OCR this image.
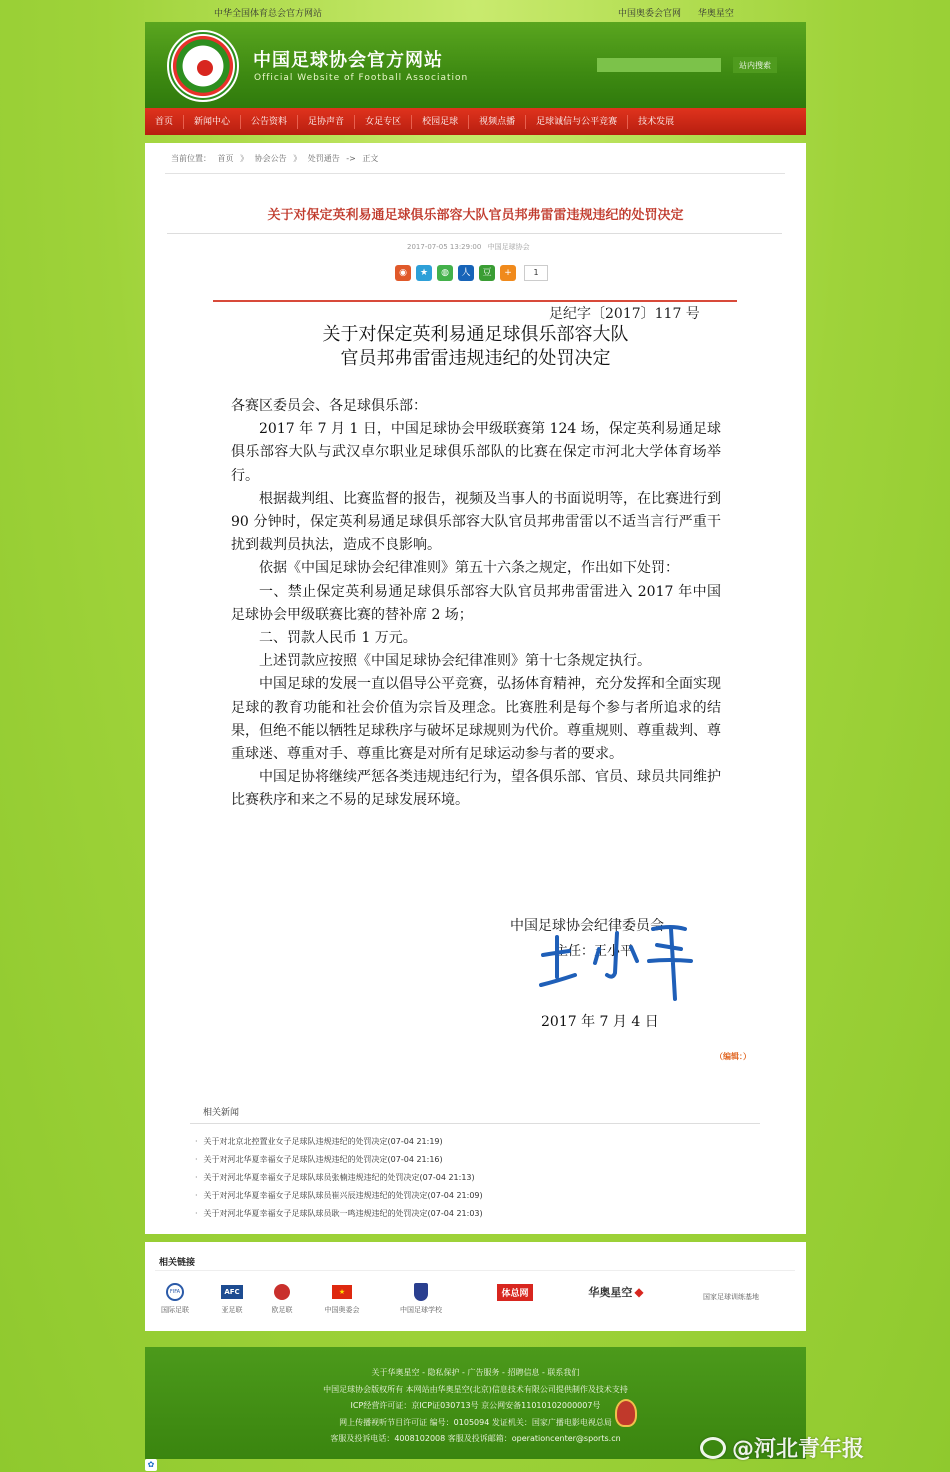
中华全国体育总会官方网站	中国奥委会官网 华奥星空
中国足球协会官方网站
Official Website of Football Association
站内搜索
首页	新闻中心	公告资料	足协声音	女足专区	校园足球	视频点播	足球诚信与公平竞赛	技术发展
当前位置： 首页 》 协会公告 》 处罚通告 -> 正文
关于对保定英利易通足球俱乐部容大队官员邦弗雷雷违规违纪的处罚决定
2017-07-05 13:29:00 中国足球协会
◉	★	◍	人	豆	+	1
足纪字〔2017〕117 号
关于对保定英利易通足球俱乐部容大队
官员邦弗雷雷违规违纪的处罚决定

各赛区委员会、各足球俱乐部：

2017 年 7 月 1 日，中国足球协会甲级联赛第 124 场，保定英利易通足球俱乐部容大队与武汉卓尔职业足球俱乐部队的比赛在保定市河北大学体育场举行。

根据裁判组、比赛监督的报告，视频及当事人的书面说明等，在比赛进行到 90 分钟时，保定英利易通足球俱乐部容大队官员邦弗雷雷以不适当言行严重干扰到裁判员执法，造成不良影响。

依据《中国足球协会纪律准则》第五十六条之规定，作出如下处罚：

一、禁止保定英利易通足球俱乐部容大队官员邦弗雷雷进入 2017 年中国足球协会甲级联赛比赛的替补席 2 场；

二、罚款人民币 1 万元。

上述罚款应按照《中国足球协会纪律准则》第十七条规定执行。

中国足球的发展一直以倡导公平竞赛，弘扬体育精神，充分发挥和全面实现足球的教育功能和社会价值为宗旨及理念。比赛胜利是每个参与者所追求的结果，但绝不能以牺牲足球秩序与破坏足球规则为代价。尊重规则、尊重裁判、尊重球迷、尊重对手、尊重比赛是对所有足球运动参与者的要求。

中国足协将继续严惩各类违规违纪行为，望各俱乐部、官员、球员共同维护比赛秩序和来之不易的足球发展环境。

中国足球协会纪律委员会
主任：王小平
2017 年 7 月 4 日
（编辑：）
相关新闻
· 关于对北京北控置业女子足球队违规违纪的处罚决定(07-04 21:19)
· 关于对河北华夏幸福女子足球队违规违纪的处罚决定(07-04 21:16)
· 关于对河北华夏幸福女子足球队球员张楠违规违纪的处罚决定(07-04 21:13)
· 关于对河北华夏幸福女子足球队球员崔兴辰违规违纪的处罚决定(07-04 21:09)
· 关于对河北华夏幸福女子足球队球员耿一鸣违规违纪的处罚决定(07-04 21:03)
相关链接
FIFA
国际足联
AFC
亚足联	欧足联
★
中国奥委会	中国足球学校
体总网	华奥星空 ◆	国家足球训练基地

关于华奥星空 - 隐私保护 - 广告服务 - 招聘信息 - 联系我们

中国足球协会版权所有 本网站由华奥星空(北京)信息技术有限公司提供制作及技术支持

ICP经营许可证：京ICP证030713号 京公网安备110101020000​07号

网上传播视听节目许可证 编号：0105094 发证机关：国家广播电影电视总局

客服及投诉电话：4008102008 客服及投诉邮箱：operationcenter@sports.cn

✿
@河北青年报
